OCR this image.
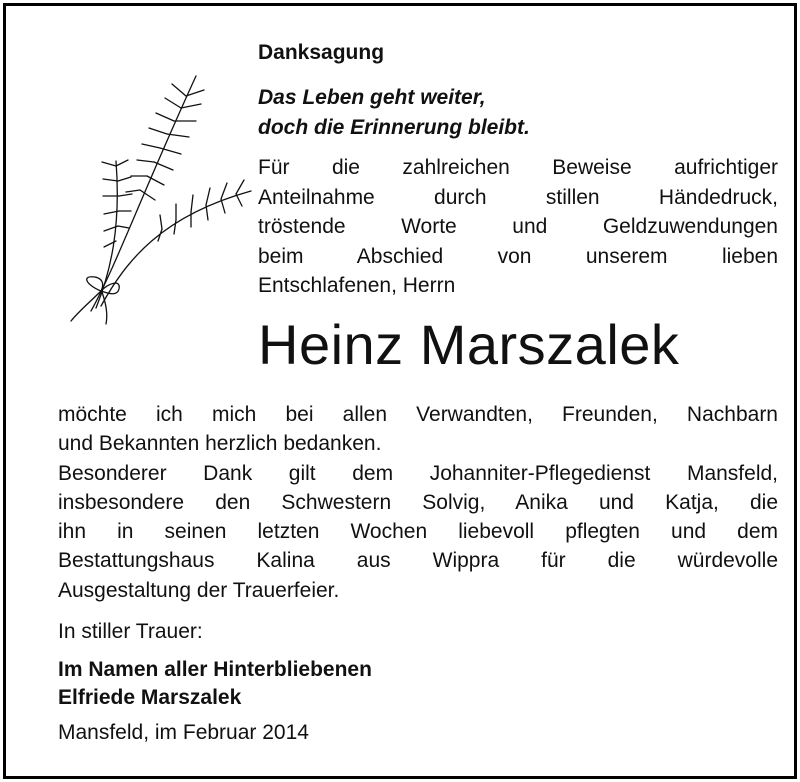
Danksagung
Das Leben geht weiter,
doch die Erinnerung bleibt.
Für die zahlreichen Beweise aufrichtiger
Anteilnahme durch stillen Händedruck,
tröstende Worte und Geldzuwendungen
beim Abschied von unserem lieben
Entschlafenen, Herrn
Heinz Marszalek
möchte ich mich bei allen Verwandten, Freunden, Nachbarn
und Bekannten herzlich bedanken.
Besonderer Dank gilt dem Johanniter-Pflegedienst Mansfeld,
insbesondere den Schwestern Solvig, Anika und Katja, die
ihn in seinen letzten Wochen liebevoll pflegten und dem
Bestattungshaus Kalina aus Wippra für die würdevolle
Ausgestaltung der Trauerfeier.
In stiller Trauer:
Im Namen aller Hinterbliebenen
Elfriede Marszalek
Mansfeld, im Februar 2014
